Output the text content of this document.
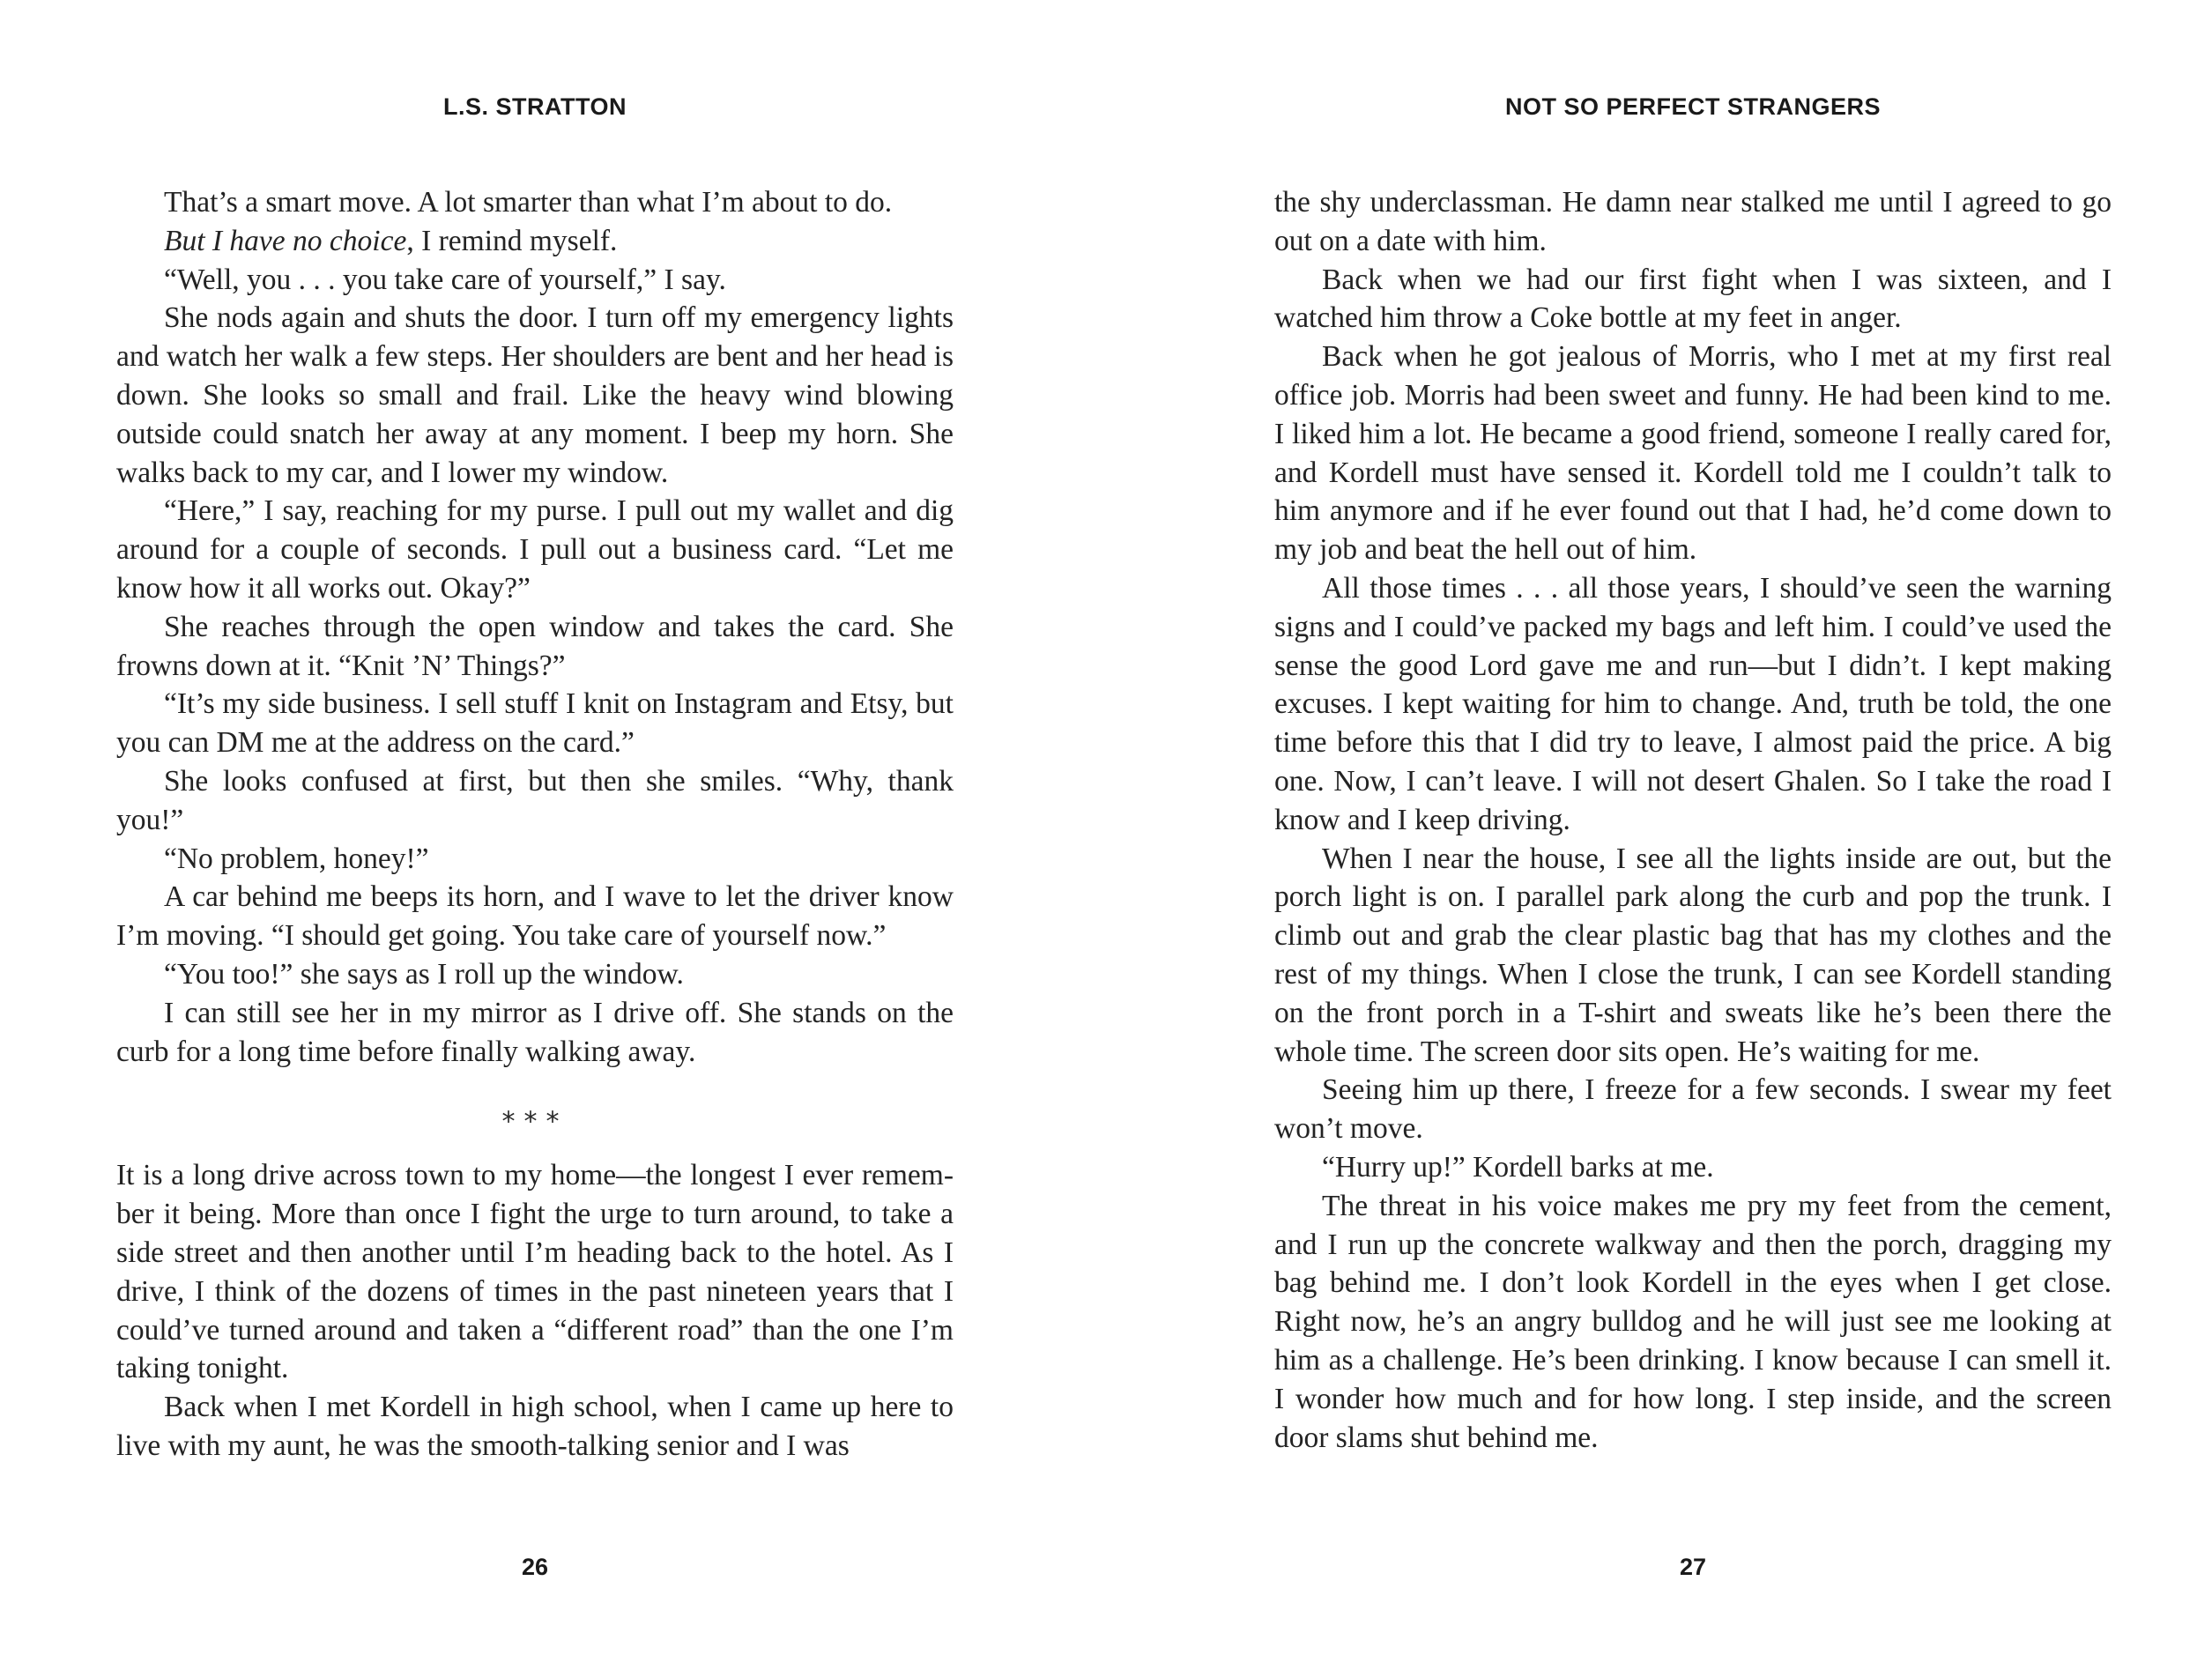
L.S. STRATTON

That’s a smart move. A lot smarter than what I’m about to do.

But I have no choice, I remind myself.

“Well, you . . . you take care of yourself,” I say.

She nods again and shuts the door. I turn off my emergency lights and watch her walk a few steps. Her shoulders are bent and her head is down. She looks so small and frail. Like the heavy wind blowing outside could snatch her away at any moment. I beep my horn. She walks back to my car, and I lower my window.

“Here,” I say, reaching for my purse. I pull out my wallet and dig around for a couple of seconds. I pull out a business card. “Let me know how it all works out. Okay?”

She reaches through the open window and takes the card. She frowns down at it. “Knit ’N’ Things?”

“It’s my side business. I sell stuff I knit on Instagram and Etsy, but you can DM me at the address on the card.”

She looks confused at first, but then she smiles. “Why, thank you!”

“No problem, honey!”

A car behind me beeps its horn, and I wave to let the driver know I’m moving. “I should get going. You take care of yourself now.”

“You too!” she says as I roll up the window.

I can still see her in my mirror as I drive off. She stands on the curb for a long time before finally walking away.

⁎⁎⁎

It is a long drive across town to my home—the longest I ever remem-ber it being. More than once I fight the urge to turn around, to take a side street and then another until I’m heading back to the hotel. As I drive, I think of the dozens of times in the past nineteen years that I could’ve turned around and taken a “different road” than the one I’m taking tonight.

Back when I met Kordell in high school, when I came up here to live with my aunt, he was the smooth-talking senior and I was

26
NOT SO PERFECT STRANGERS

the shy underclassman. He damn near stalked me until I agreed to go out on a date with him.

Back when we had our first fight when I was sixteen, and I watched him throw a Coke bottle at my feet in anger.

Back when he got jealous of Morris, who I met at my first real office job. Morris had been sweet and funny. He had been kind to me. I liked him a lot. He became a good friend, someone I really cared for, and Kordell must have sensed it. Kordell told me I couldn’t talk to him anymore and if he ever found out that I had, he’d come down to my job and beat the hell out of him.

All those times . . . all those years, I should’ve seen the warning signs and I could’ve packed my bags and left him. I could’ve used the sense the good Lord gave me and run—but I didn’t. I kept making excuses. I kept waiting for him to change. And, truth be told, the one time before this that I did try to leave, I almost paid the price. A big one. Now, I can’t leave. I will not desert Ghalen. So I take the road I know and I keep driving.

When I near the house, I see all the lights inside are out, but the porch light is on. I parallel park along the curb and pop the trunk. I climb out and grab the clear plastic bag that has my clothes and the rest of my things. When I close the trunk, I can see Kordell standing on the front porch in a T-shirt and sweats like he’s been there the whole time. The screen door sits open. He’s waiting for me.

Seeing him up there, I freeze for a few seconds. I swear my feet won’t move.

“Hurry up!” Kordell barks at me.

The threat in his voice makes me pry my feet from the cement, and I run up the concrete walkway and then the porch, dragging my bag behind me. I don’t look Kordell in the eyes when I get close. Right now, he’s an angry bulldog and he will just see me looking at him as a challenge. He’s been drinking. I know because I can smell it. I wonder how much and for how long. I step inside, and the screen door slams shut behind me.

27
